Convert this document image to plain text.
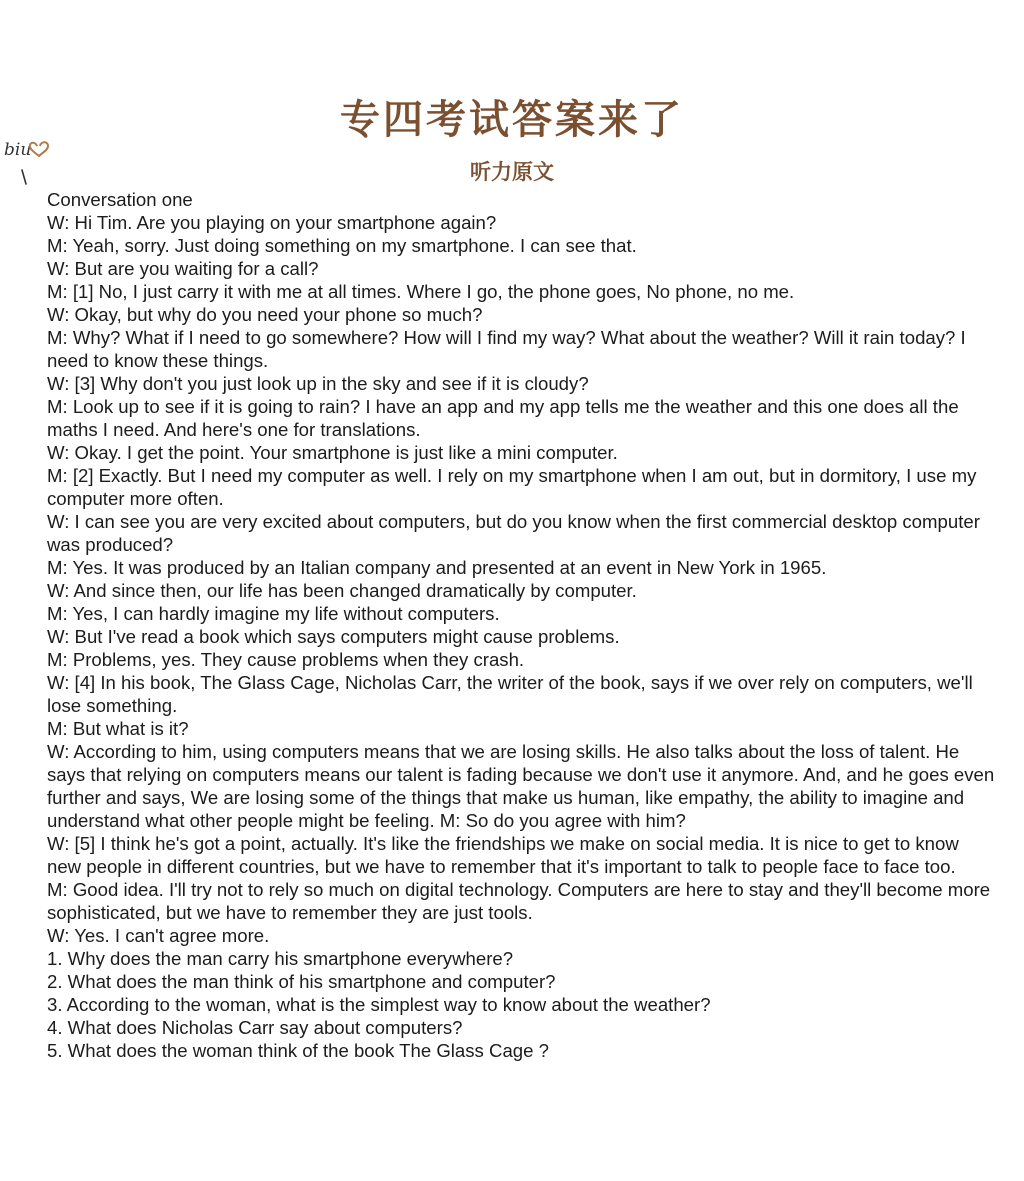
专四考试答案来了
听力原文
biu

Conversation one

W: Hi Tim. Are you playing on your smartphone again?

M: Yeah, sorry. Just doing something on my smartphone. I can see that.

W: But are you waiting for a call?

M: [1] No, I just carry it with me at all times. Where I go, the phone goes, No phone, no me.

W: Okay, but why do you need your phone so much?

M: Why? What if I need to go somewhere? How will I find my way? What about the weather? Will it rain today? I need to know these things.

W: [3] Why don't you just look up in the sky and see if it is cloudy?

M: Look up to see if it is going to rain? I have an app and my app tells me the weather and this one does all the maths I need. And here's one for translations.

W: Okay. I get the point. Your smartphone is just like a mini computer.

M: [2] Exactly. But I need my computer as well. I rely on my smartphone when I am out, but in dormitory, I use my computer more often.

W: I can see you are very excited about computers, but do you know when the first commercial desktop computer was produced?

M: Yes. It was produced by an Italian company and presented at an event in New York in 1965.

W: And since then, our life has been changed dramatically by computer.

M: Yes, I can hardly imagine my life without computers.

W: But I've read a book which says computers might cause problems.

M: Problems, yes. They cause problems when they crash.

W: [4] In his book, The Glass Cage, Nicholas Carr, the writer of the book, says if we over rely on computers, we'll lose something.

M: But what is it?

W: According to him, using computers means that we are losing skills. He also talks about the loss of talent. He says that relying on computers means our talent is fading because we don't use it anymore. And, and he goes even further and says, We are losing some of the things that make us human, like empathy, the ability to imagine and understand what other people might be feeling. M: So do you agree with him?

W: [5] I think he's got a point, actually. It's like the friendships we make on social media. It is nice to get to know new people in different countries, but we have to remember that it's important to talk to people face to face too.

M: Good idea. I'll try not to rely so much on digital technology. Computers are here to stay and they'll become more sophisticated, but we have to remember they are just tools.

W: Yes. I can't agree more.

1. Why does the man carry his smartphone everywhere?

2. What does the man think of his smartphone and computer?

3. According to the woman, what is the simplest way to know about the weather?

4. What does Nicholas Carr say about computers?

5. What does the woman think of the book The Glass Cage ?
